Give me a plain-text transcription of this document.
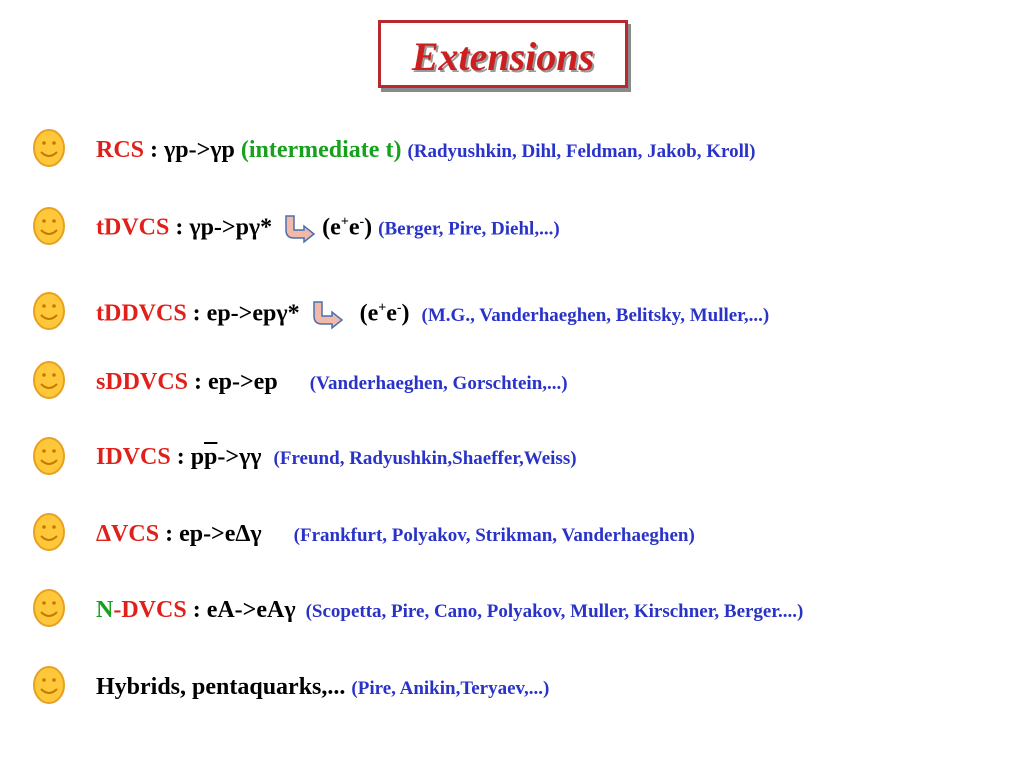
Extensions
RCS : γp->γp (intermediate t) (Radyushkin, Dihl, Feldman, Jakob, Kroll)
tDVCS : γp->pγ* (e+e-) (Berger, Pire, Diehl,...)
tDDVCS : ep->epγ*	(e+e-) (M.G., Vanderhaeghen, Belitsky, Muller,...)
sDDVCS : ep->ep (Vanderhaeghen, Gorschtein,...)
IDVCS : $p\overline{p}->\gamma\gamma$ (Freund, Radyushkin,Shaeffer,Weiss)
ΔVCS : ep->eΔγ (Frankfurt, Polyakov, Strikman, Vanderhaeghen)
N-DVCS : eA->eAγ (Scopetta, Pire, Cano, Polyakov, Muller, Kirschner, Berger....)
Hybrids, pentaquarks,... (Pire, Anikin,Teryaev,...)
